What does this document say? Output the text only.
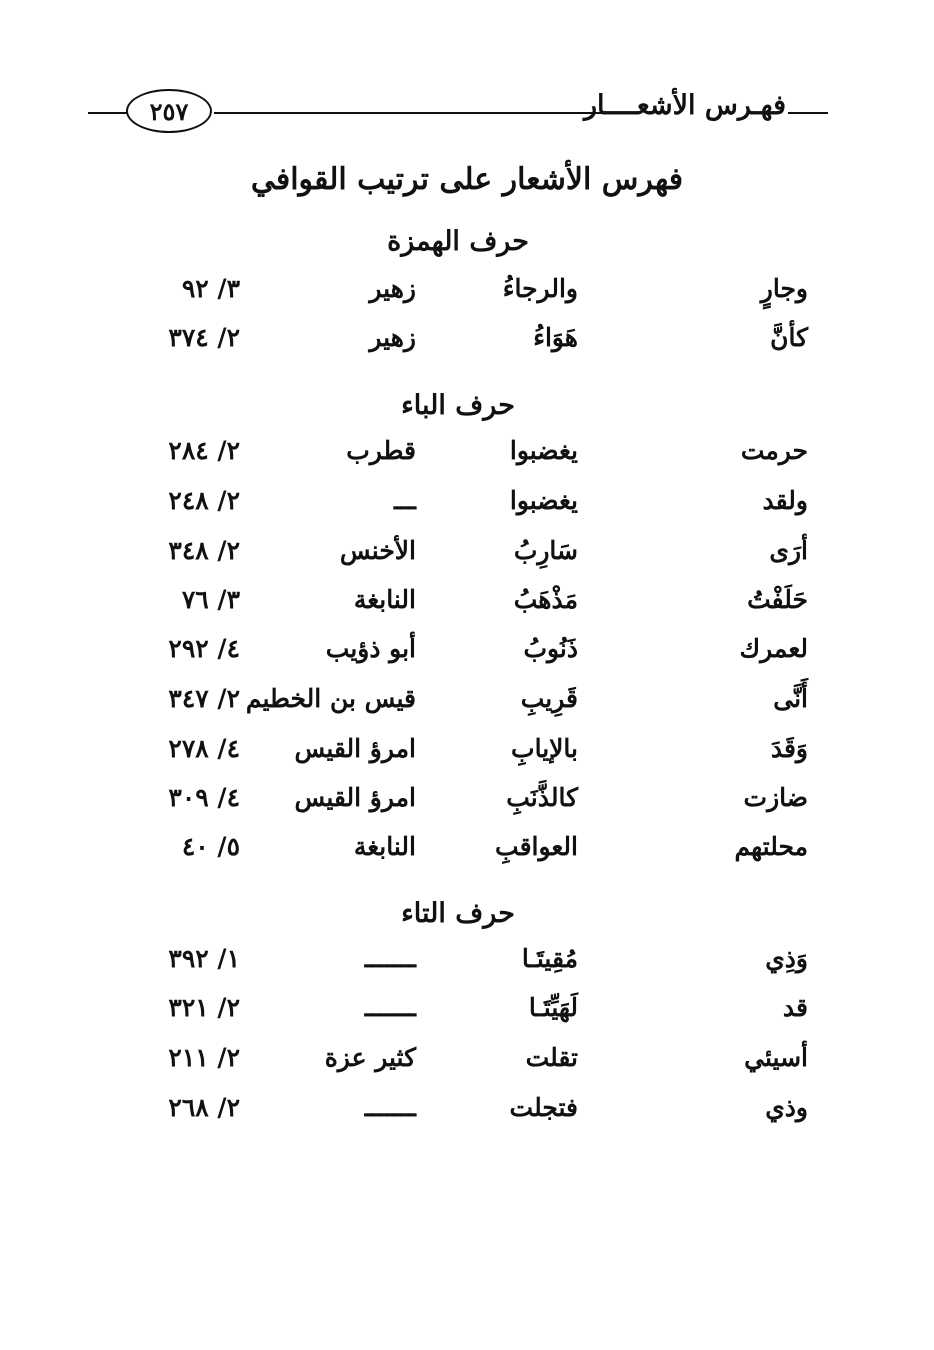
٢٥٧	فهـرس الأشعــــار
فهرس الأشعار على ترتيب القوافي
حرف الهمزة
وجارٍ
والرجاءُ
زهير
٣/ ٩٢
كأنَّ
هَوَاءُ
زهير
٢/ ٣٧٤
حرف الباء
حرمت
يغضبوا
قطرب
٢/ ٢٨٤
ولقد
يغضبوا
ـــ
٢/ ٢٤٨
أرَى
سَارِبُ
الأخنس
٢/ ٣٤٨
حَلَفْتُ
مَذْهَبُ
النابغة
٣/ ٧٦
لعمرك
ذَنُوبُ
أبو ذؤيب
٤/ ٢٩٢
أَنَّى
قَرِيبِ
قيس بن الخطيم
٢/ ٣٤٧
وَقَدَ
بالإيابِ
امرؤ القيس
٤/ ٢٧٨
ضازت
كالذَّنَبِ
امرؤ القيس
٤/ ٣٠٩
محلتهم
العواقبِ
النابغة
٥/ ٤٠
حرف التاء
وَذِي
مُقِيتَـا
ـــــــ
١/ ٣٩٢
قد
لَهَيِّتَـا
ـــــــ
٢/ ٣٢١
أسيئي
تقلت
كثير عزة
٢/ ٢١١
وذي
فتجلت
ـــــــ
٢/ ٢٦٨
